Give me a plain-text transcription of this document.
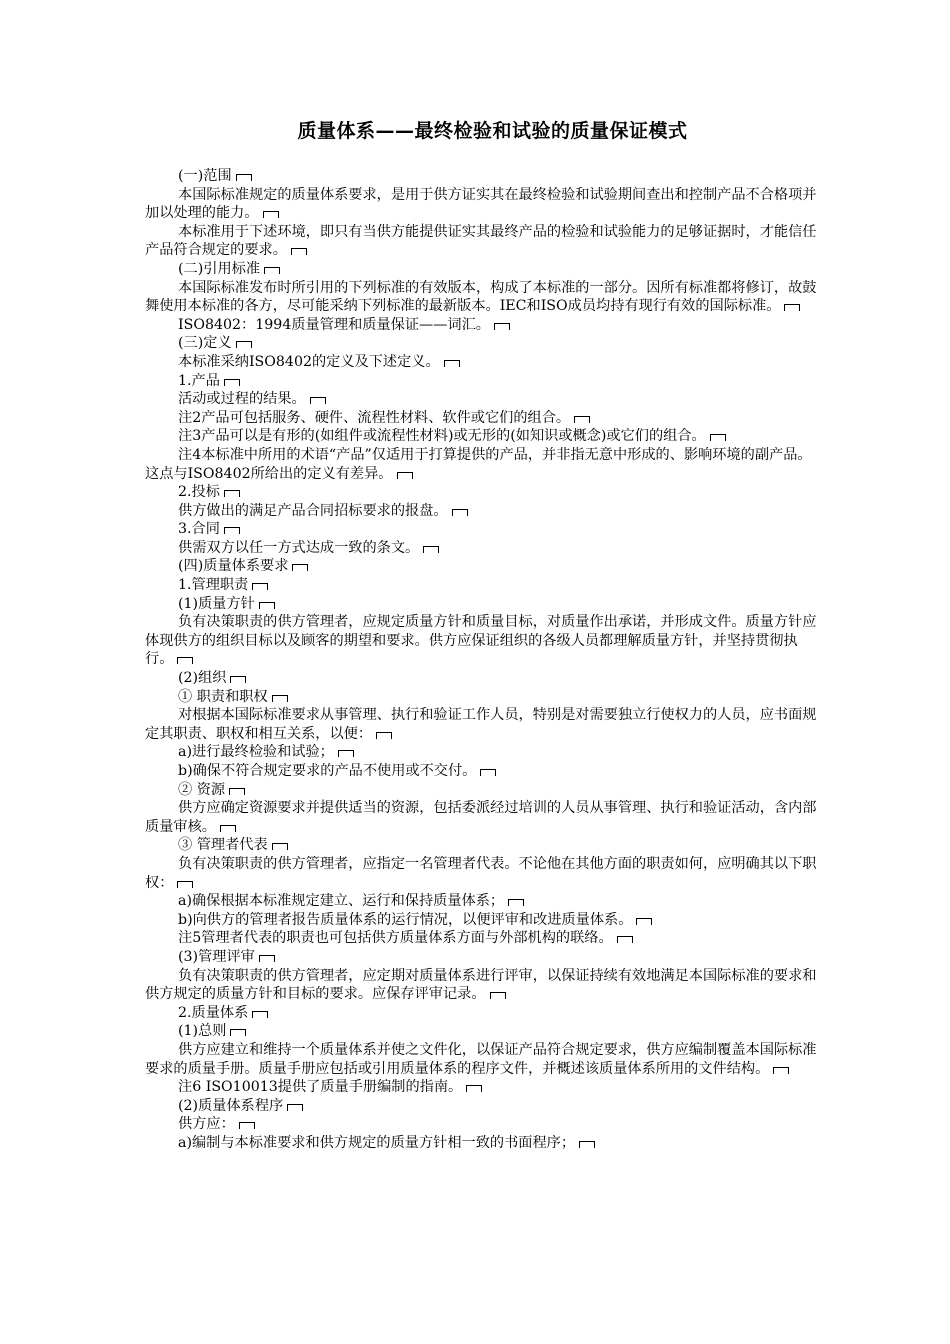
质量体系——最终检验和试验的质量保证模式

(一)范围

本国际标准规定的质量体系要求，是用于供方证实其在最终检验和试验期间查出和控制产品不合格项并加以处理的能力。

本标准用于下述环境，即只有当供方能提供证实其最终产品的检验和试验能力的足够证据时，才能信任产品符合规定的要求。

(二)引用标准

本国际标准发布时所引用的下列标准的有效版本，构成了本标准的一部分。因所有标准都将修订，故鼓舞使用本标准的各方，尽可能采纳下列标准的最新版本。IEC和ISO成员均持有现行有效的国际标准。

ISO8402：1994质量管理和质量保证——词汇。

(三)定义

本标准采纳ISO8402的定义及下述定义。

1.产品

活动或过程的结果。

注2产品可包括服务、硬件、流程性材料、软件或它们的组合。

注3产品可以是有形的(如组件或流程性材料)或无形的(如知识或概念)或它们的组合。

注4本标准中所用的术语“产品”仅适用于打算提供的产品，并非指无意中形成的、影响环境的副产品。这点与ISO8402所给出的定义有差异。

2.投标

供方做出的满足产品合同招标要求的报盘。

3.合同

供需双方以任一方式达成一致的条文。

(四)质量体系要求

1.管理职责

(1)质量方针

负有决策职责的供方管理者，应规定质量方针和质量目标，对质量作出承诺，并形成文件。质量方针应体现供方的组织目标以及顾客的期望和要求。供方应保证组织的各级人员都理解质量方针，并坚持贯彻执行。

(2)组织

① 职责和职权

对根据本国际标准要求从事管理、执行和验证工作人员，特别是对需要独立行使权力的人员，应书面规定其职责、职权和相互关系，以便：

a)进行最终检验和试验；

b)确保不符合规定要求的产品不使用或不交付。

② 资源

供方应确定资源要求并提供适当的资源，包括委派经过培训的人员从事管理、执行和验证活动，含内部质量审核。

③ 管理者代表

负有决策职责的供方管理者，应指定一名管理者代表。不论他在其他方面的职责如何，应明确其以下职权：

a)确保根据本标准规定建立、运行和保持质量体系；

b)向供方的管理者报告质量体系的运行情况，以便评审和改进质量体系。

注5管理者代表的职责也可包括供方质量体系方面与外部机构的联络。

(3)管理评审

负有决策职责的供方管理者，应定期对质量体系进行评审，以保证持续有效地满足本国际标准的要求和供方规定的质量方针和目标的要求。应保存评审记录。

2.质量体系

(1)总则

供方应建立和维持一个质量体系并使之文件化，以保证产品符合规定要求，供方应编制覆盖本国际标准要求的质量手册。质量手册应包括或引用质量体系的程序文件，并概述该质量体系所用的文件结构。

注6 ISO10013提供了质量手册编制的指南。

(2)质量体系程序

供方应：

a)编制与本标准要求和供方规定的质量方针相一致的书面程序；
